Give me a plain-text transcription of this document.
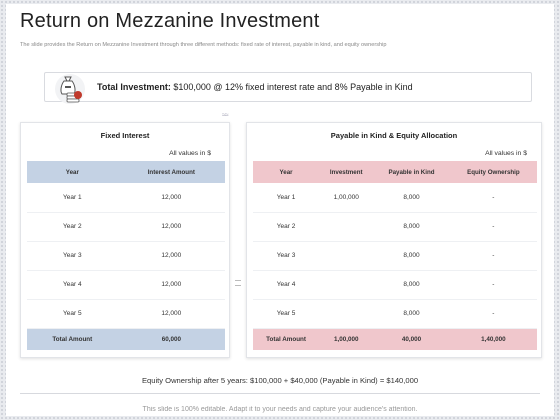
Return on Mezzanine Investment

The slide provides the Return on Mezzanine Investment through three different methods: fixed rate of interest, payable in kind, and equity ownership

Total Investment: $100,000 @ 12% fixed interest rate and 8% Payable in Kind
≈≈
Fixed Interest
All values in $
Year	Interest Amount
Year 1	12,000
Year 2	12,000
Year 3	12,000
Year 4	12,000
Year 5	12,000
Total Amount	60,000
Payable in Kind & Equity Allocation
All values in $
Year	Investment	Payable in Kind	Equity Ownership
Year 1	1,00,000	8,000	-
Year 2		8,000	-
Year 3		8,000	-
Year 4		8,000	-
Year 5		8,000	-
Total Amount	1,00,000	40,000	1,40,000
Equity Ownership after 5 years: $100,000 + $40,000 (Payable in Kind) = $140,000
This slide is 100% editable. Adapt it to your needs and capture your audience's attention.
